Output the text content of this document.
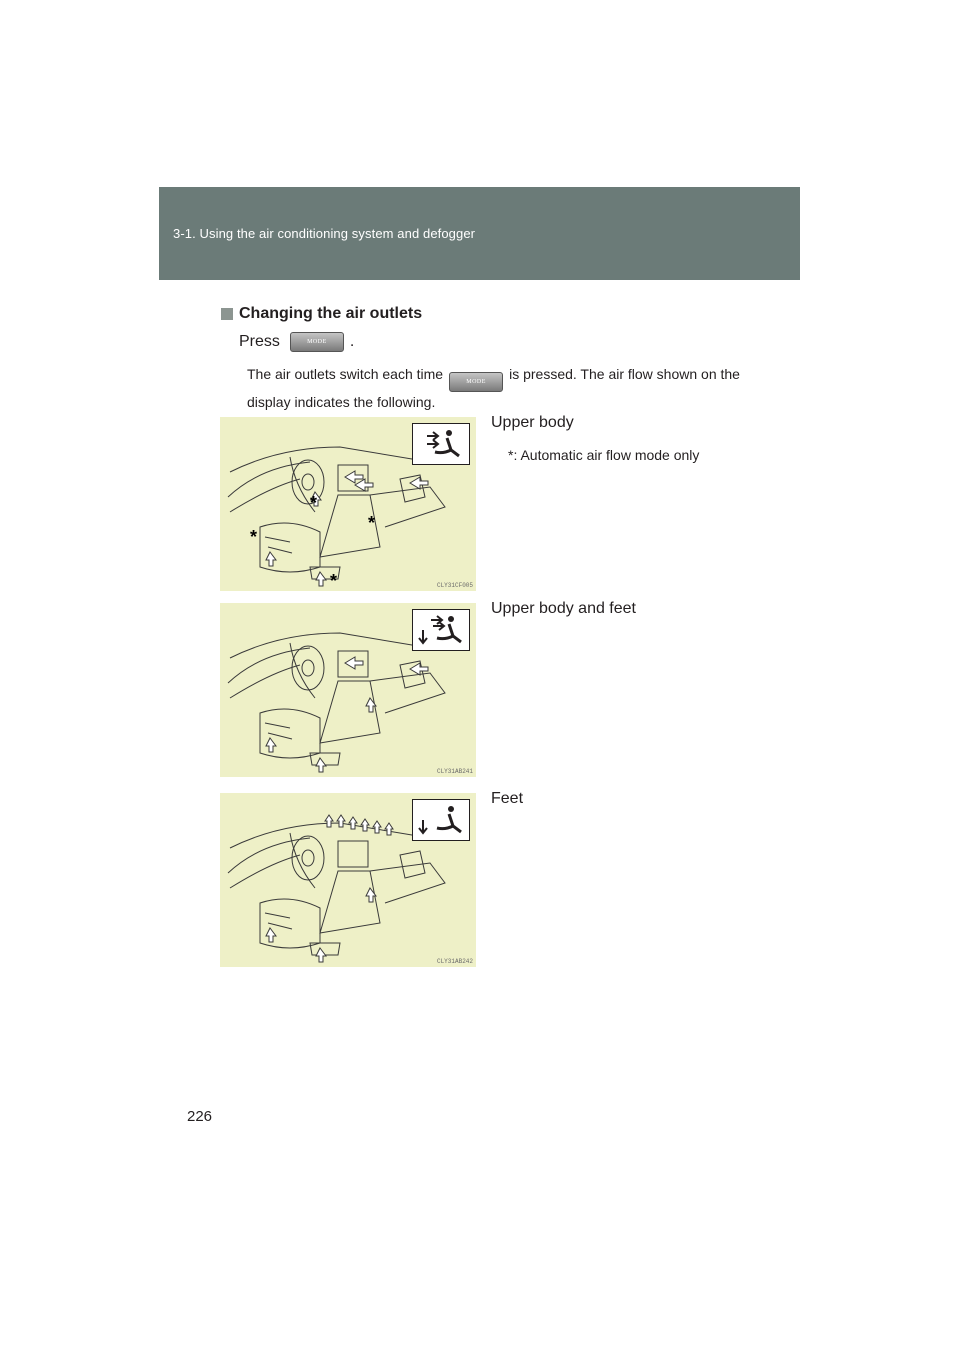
3-1. Using the air conditioning system and defogger
Changing the air outlets
Press	MODE .
The air outlets switch each time	MODE is pressed. The air flow shown on the display indicates the following.
*
*
*
*	CLY31CF005
Upper body
*: Automatic air flow mode only
CLY31AB241
Upper body and feet
CLY31AB242
Feet
226
